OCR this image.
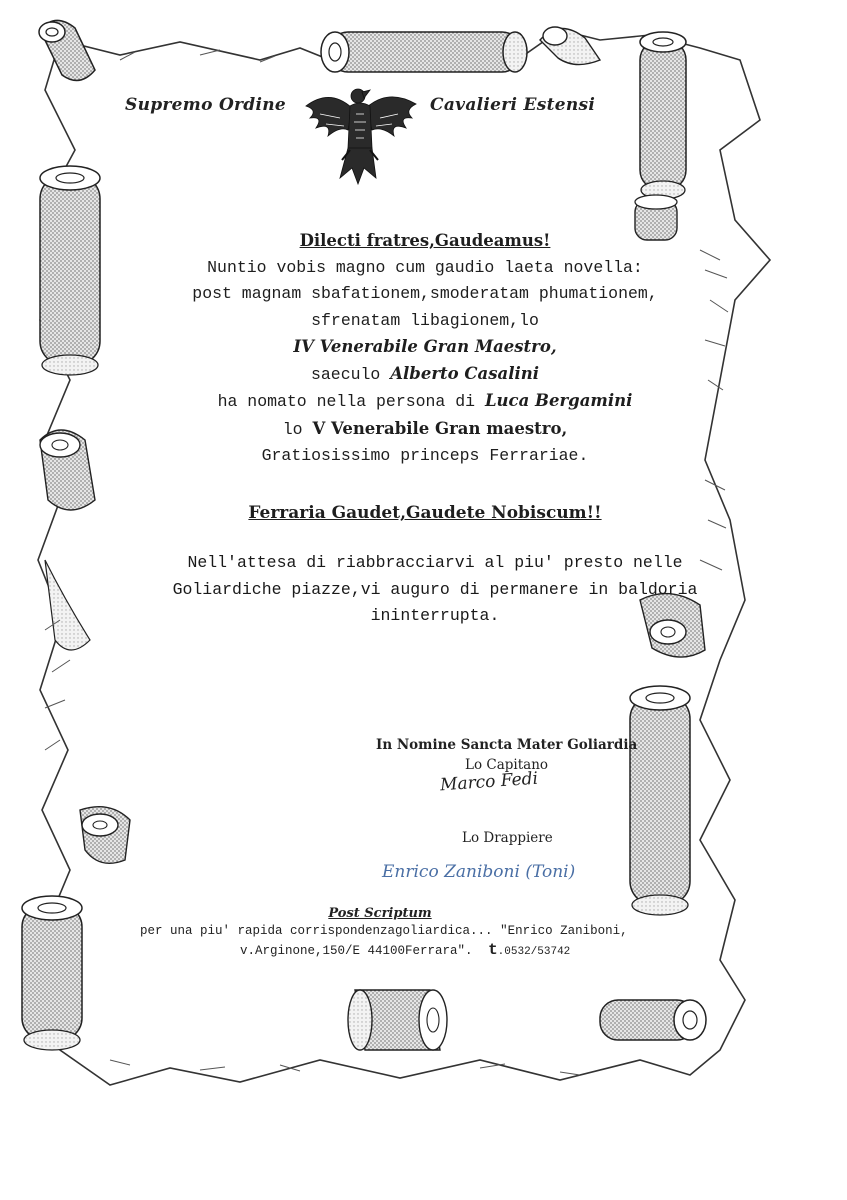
Supremo Ordine	Cavalieri Estensi
Dilecti fratres,Gaudeamus!
Nuntio vobis magno cum gaudio laeta novella:
post magnam sbafationem,smoderatam phumationem,
sfrenatam libagionem,lo
IV Venerabile Gran Maestro,
saeculo Alberto Casalini
ha nomato nella persona di Luca Bergamini
lo V Venerabile Gran maestro,
Gratiosissimo princeps Ferrariae.
Ferraria Gaudet,Gaudete Nobiscum!!
Nell'attesa di riabbracciarvi al piu' presto nelle
Goliardiche piazze,vi auguro di permanere in baldoria
ininterrupta.
In Nomine Sancta Mater Goliardia
Lo Capitano
Marco Fedi
Lo Drappiere
Enrico Zaniboni (Toni)
Post Scriptum
per una piu' rapida corrispondenzagoliardica... "Enrico Zaniboni,
v.Arginone,150/E 44100Ferrara". t.0532/53742
